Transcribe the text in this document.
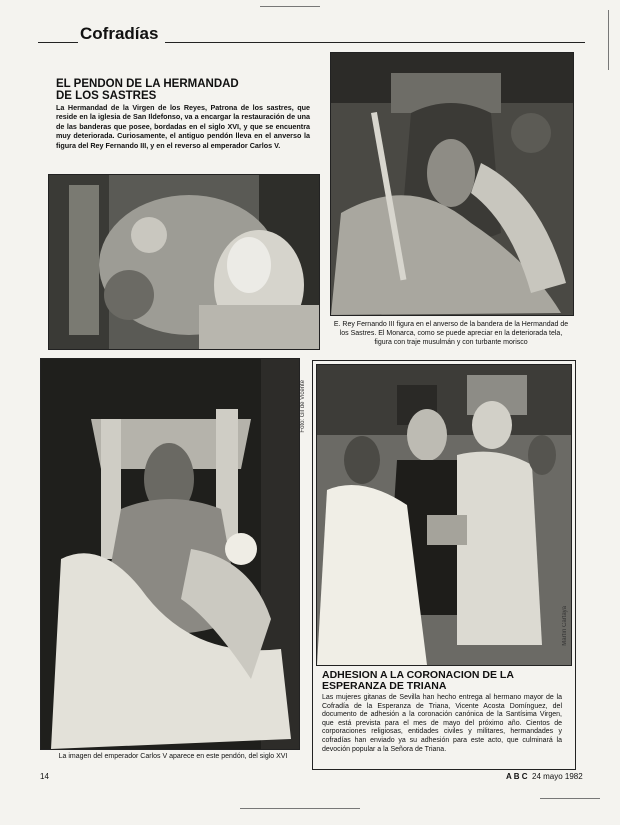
Cofradías
EL PENDON DE LA HERMANDAD
DE LOS SASTRES
La Hermandad de la Virgen de los Reyes, Patrona de los sastres, que reside en la iglesia de San Ildefonso, va a encargar la restauración de una de las banderas que posee, bordadas en el siglo XVI, y que se encuentra muy deteriorada. Curiosamente, el antiguo pendón lleva en el anverso la figura del Rey Fernando III, y en el reverso al emperador Carlos V.
E. Rey Fernando III figura en el anverso de la bandera de la Hermandad de los Sastres. El Monarca, como se puede apreciar en la deteriorada tela, figura con traje musulmán y con turbante morisco
Foto: Gil de Vicente
La imagen del emperador Carlos V aparece en este pendón, del siglo XVI
Martín Cartaya
ADHESION A LA CORONACION DE LA
ESPERANZA DE TRIANA
Las mujeres gitanas de Sevilla han hecho entrega al hermano mayor de la Cofradía de la Esperanza de Triana, Vicente Acosta Domínguez, del documento de adhesión a la coronación canónica de la Santísima Virgen, que está prevista para el mes de mayo del próximo año. Cientos de corporaciones religiosas, entidades civiles y militares, hermandades y cofradías han enviado ya su adhesión para este acto, que culminará la devoción popular a la Señora de Triana.
14	A B C 24 mayo 1982
